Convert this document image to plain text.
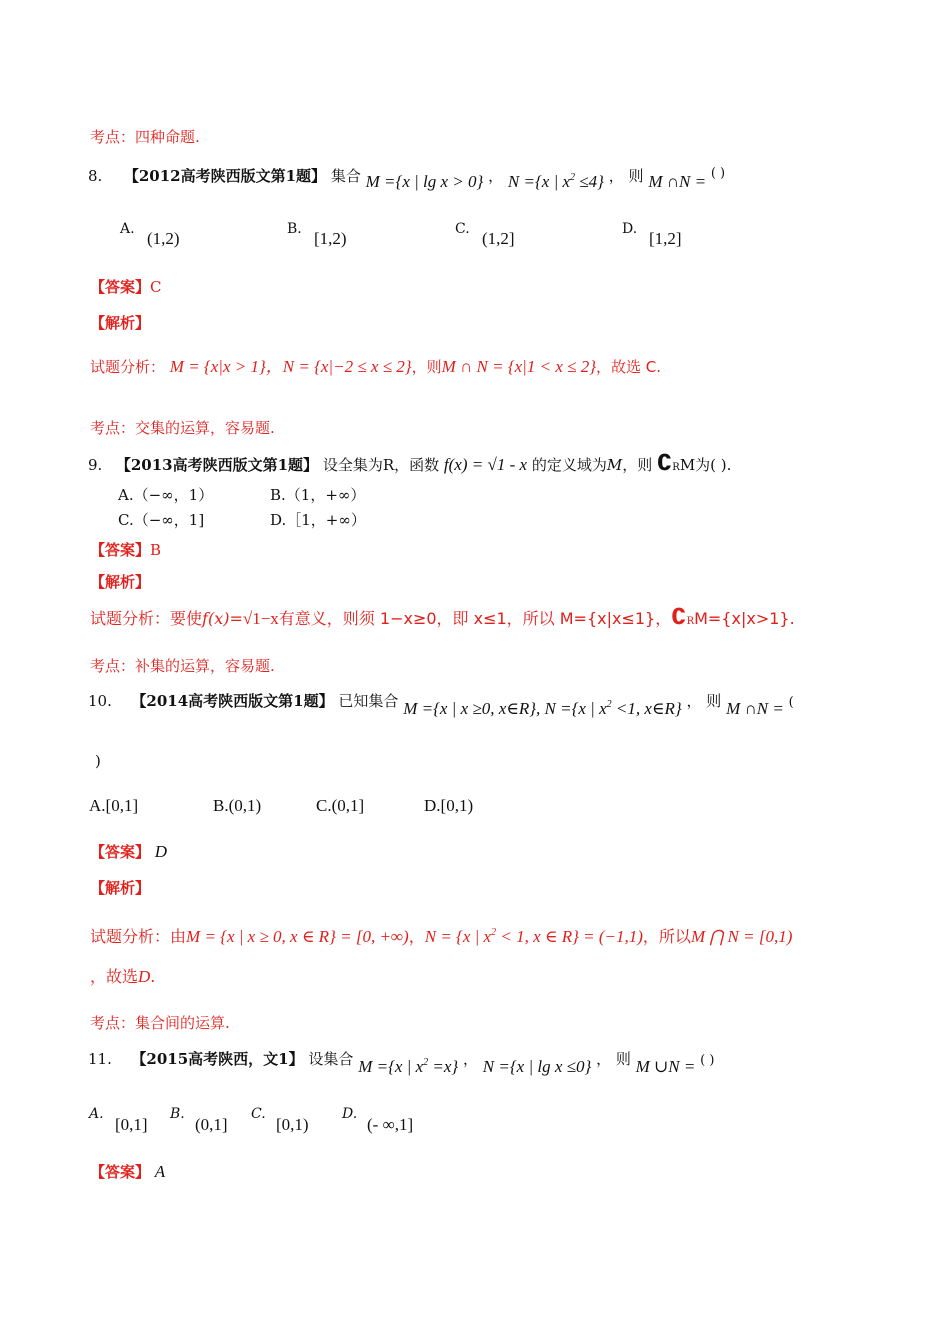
考点：四种命题.
8. 【2012高考陕西版文第1题】 集合 M ={x | lg x > 0} ， N ={x | $x^2 \le 4$} ， 则 M ∩N = ( )
A. (1,2)	B. [1,2)	C. (1,2]	D. [1,2]
【答案】C
【解析】
试题分析： M = {x|x > 1}，N = {x|−2 ≤ x ≤ 2}，则M ∩ N = {x|1 < x ≤ 2}，故选 C.
考点：交集的运算，容易题.
9. 【2013高考陕西版文第1题】 设全集为R，函数 f(x) = √1 - x 的定义域为M，则 ∁RM为( ).
A.（−∞，1）	B.（1，+∞）
C.（−∞，1]	D.［1，+∞）
【答案】B
【解析】
试题分析：要使f(x)=√1−x有意义，则须 1−x≥0，即 x≤1，所以 M={x|x≤1}，∁RM={x|x>1}.
考点：补集的运算，容易题.
10. 【2014高考陕西版文第1题】 已知集合 M ={x | x ≥0, x∈R}, N ={x | $x^2 <1$, x∈R} ， 则 M ∩N = (
)
A.[0,1]	B.(0,1)	C.(0,1]	D.[0,1)
【答案】 D
【解析】
试题分析：由M = {x | x ≥ 0, x ∈ R} = [0, +∞)，N = {x | $x^2 < 1$, x ∈ R} = (−1,1)，所以M ⋂ N = [0,1)
，故选D.
考点：集合间的运算.
11. 【2015高考陕西，文1】 设集合 M ={x | $x^2 =x$} ， N ={x | lg x ≤0} ， 则 M ∪N = ( )
A.
[0,1]
B.
(0,1]
C.
[0,1)
D.
(- ∞,1]
【答案】 A
